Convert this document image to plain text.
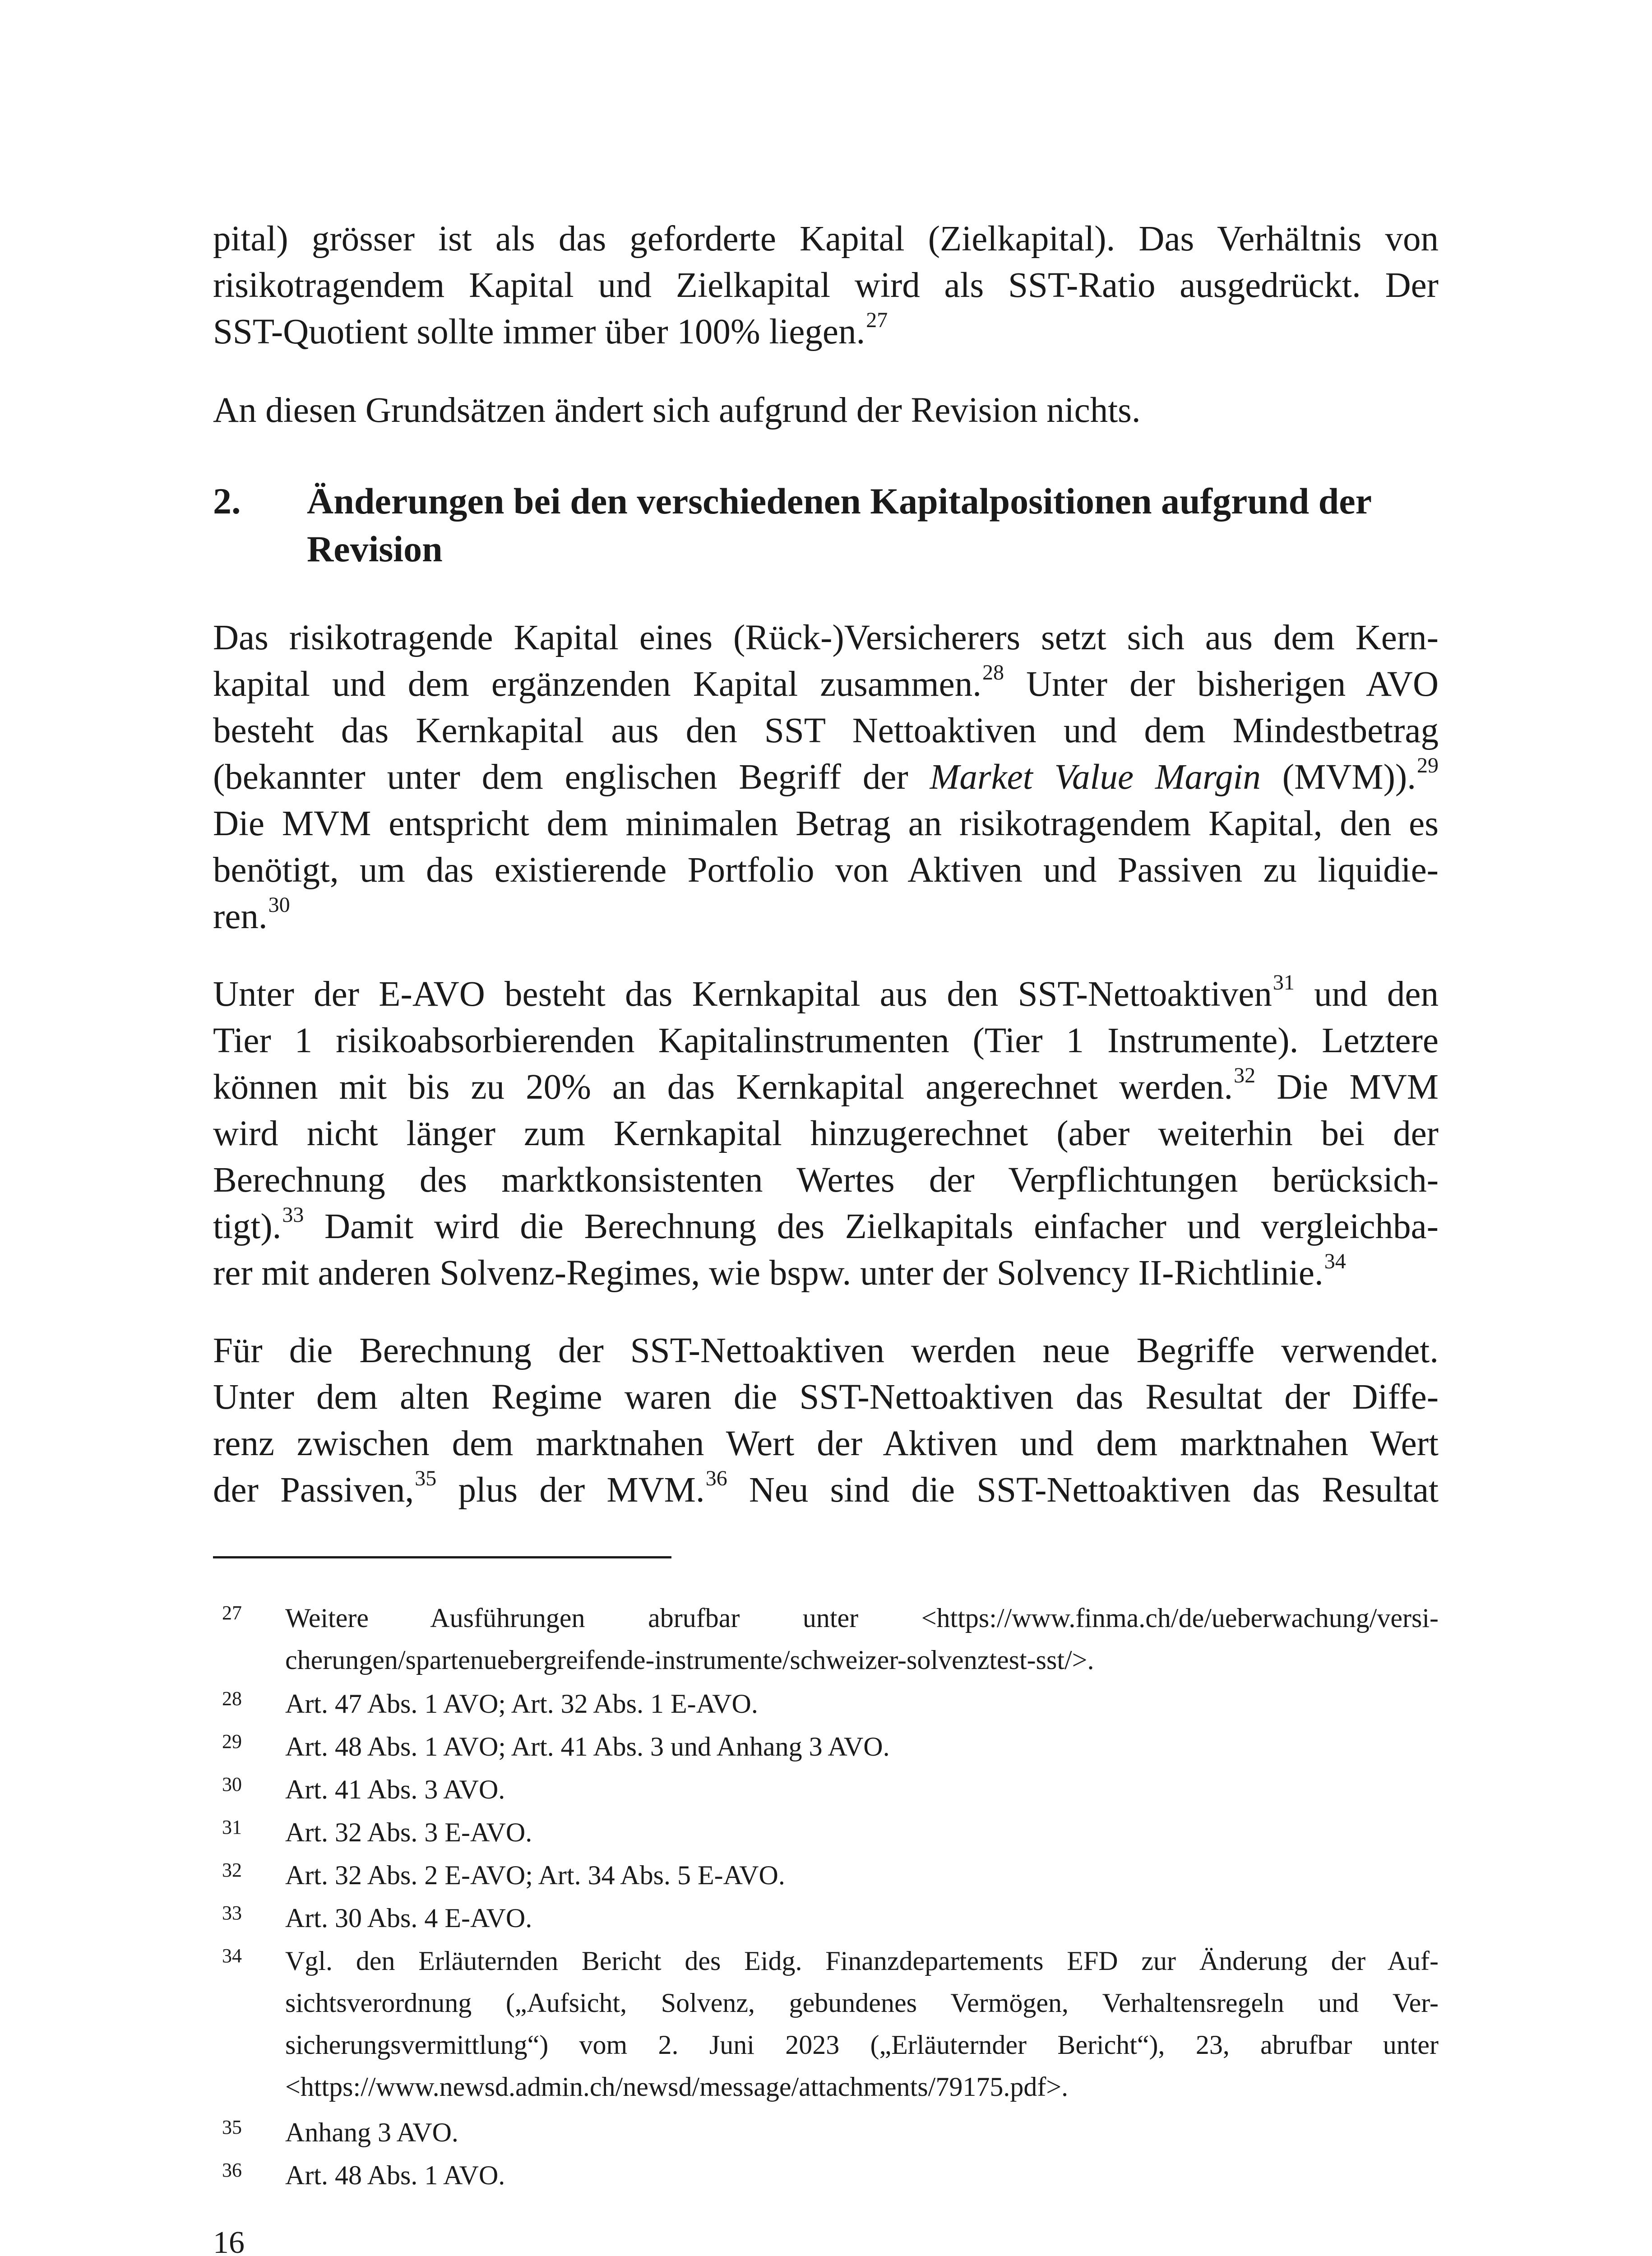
pital) grösser ist als das geforderte Kapital (Zielkapital). Das Verhältnis von
risikotragendem Kapital und Zielkapital wird als SST-Ratio ausgedrückt. Der
SST-Quotient sollte immer über 100% liegen.$^{27}$
An diesen Grundsätzen ändert sich aufgrund der Revision nichts.
2. Änderungen bei den verschiedenen Kapitalpositionen aufgrund der
Revision
Das risikotragende Kapital eines (Rück-)Versicherers setzt sich aus dem Kern-
kapital und dem ergänzenden Kapital zusammen.$^{28}$ Unter der bisherigen AVO
besteht das Kernkapital aus den SST Nettoaktiven und dem Mindestbetrag
(bekannter unter dem englischen Begriff der Market Value Margin (MVM)).$^{29}$
Die MVM entspricht dem minimalen Betrag an risikotragendem Kapital, den es
benötigt, um das existierende Portfolio von Aktiven und Passiven zu liquidie-
ren.$^{30}$
Unter der E-AVO besteht das Kernkapital aus den SST-Nettoaktiven$^{31}$ und den
Tier 1 risikoabsorbierenden Kapitalinstrumenten (Tier 1 Instrumente). Letztere
können mit bis zu 20% an das Kernkapital angerechnet werden.$^{32}$ Die MVM
wird nicht länger zum Kernkapital hinzugerechnet (aber weiterhin bei der
Berechnung des marktkonsistenten Wertes der Verpflichtungen berücksich-
tigt).$^{33}$ Damit wird die Berechnung des Zielkapitals einfacher und vergleichba-
rer mit anderen Solvenz-Regimes, wie bspw. unter der Solvency II-Richtlinie.$^{34}$
Für die Berechnung der SST-Nettoaktiven werden neue Begriffe verwendet.
Unter dem alten Regime waren die SST-Nettoaktiven das Resultat der Diffe-
renz zwischen dem marktnahen Wert der Aktiven und dem marktnahen Wert
der Passiven,$^{35}$ plus der MVM.$^{36}$ Neu sind die SST-Nettoaktiven das Resultat
27 Weitere Ausführungen abrufbar unter <https://www.finma.ch/de/ueberwachung/versi-
cherungen/spartenuebergreifende-instrumente/schweizer-solvenztest-sst/>.
28 Art. 47 Abs. 1 AVO; Art. 32 Abs. 1 E-AVO.
29 Art. 48 Abs. 1 AVO; Art. 41 Abs. 3 und Anhang 3 AVO.
30 Art. 41 Abs. 3 AVO.
31 Art. 32 Abs. 3 E-AVO.
32 Art. 32 Abs. 2 E-AVO; Art. 34 Abs. 5 E-AVO.
33 Art. 30 Abs. 4 E-AVO.
34 Vgl. den Erläuternden Bericht des Eidg. Finanzdepartements EFD zur Änderung der Auf-
sichtsverordnung („Aufsicht, Solvenz, gebundenes Vermögen, Verhaltensregeln und Ver-
sicherungsvermittlung“) vom 2. Juni 2023 („Erläuternder Bericht“), 23, abrufbar unter
<https://www.newsd.admin.ch/newsd/message/attachments/79175.pdf>.
35 Anhang 3 AVO.
36 Art. 48 Abs. 1 AVO.
16
